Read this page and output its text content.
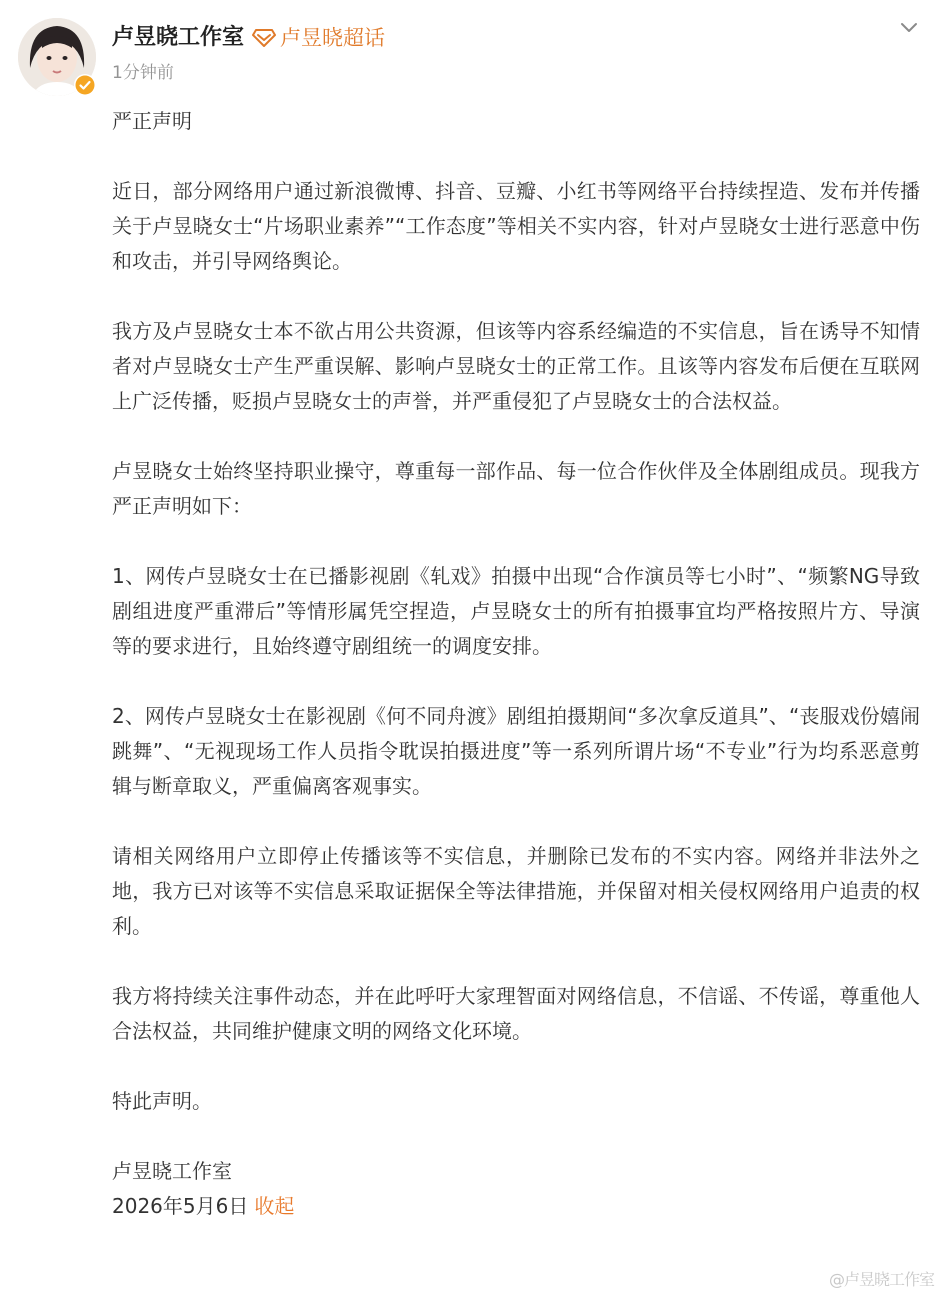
卢昱晓工作室 卢昱晓超话
1分钟前

严正声明

近日，部分网络用户通过新浪微博、抖音、豆瓣、小红书等网络平台持续捏造、发布并传播关于卢昱晓女士“片场职业素养”“工作态度”等相关不实内容，针对卢昱晓女士进行恶意中伤和攻击，并引导网络舆论。

我方及卢昱晓女士本不欲占用公共资源，但该等内容系经编造的不实信息，旨在诱导不知情者对卢昱晓女士产生严重误解、影响卢昱晓女士的正常工作。且该等内容发布后便在互联网上广泛传播，贬损卢昱晓女士的声誉，并严重侵犯了卢昱晓女士的合法权益。

卢昱晓女士始终坚持职业操守，尊重每一部作品、每一位合作伙伴及全体剧组成员。现我方严正声明如下：

1、网传卢昱晓女士在已播影视剧《轧戏》拍摄中出现“合作演员等七小时”、“频繁NG导致剧组进度严重滞后”等情形属凭空捏造，卢昱晓女士的所有拍摄事宜均严格按照片方、导演等的要求进行，且始终遵守剧组统一的调度安排。

2、网传卢昱晓女士在影视剧《何不同舟渡》剧组拍摄期间“多次拿反道具”、“丧服戏份嬉闹跳舞”、“无视现场工作人员指令耽误拍摄进度”等一系列所谓片场“不专业”行为均系恶意剪辑与断章取义，严重偏离客观事实。

请相关网络用户立即停止传播该等不实信息，并删除已发布的不实内容。网络并非法外之地，我方已对该等不实信息采取证据保全等法律措施，并保留对相关侵权网络用户追责的权利。

我方将持续关注事件动态，并在此呼吁大家理智面对网络信息，不信谣、不传谣，尊重他人合法权益，共同维护健康文明的网络文化环境。

特此声明。

卢昱晓工作室
2026年5月6日 收起
@卢昱晓工作室
